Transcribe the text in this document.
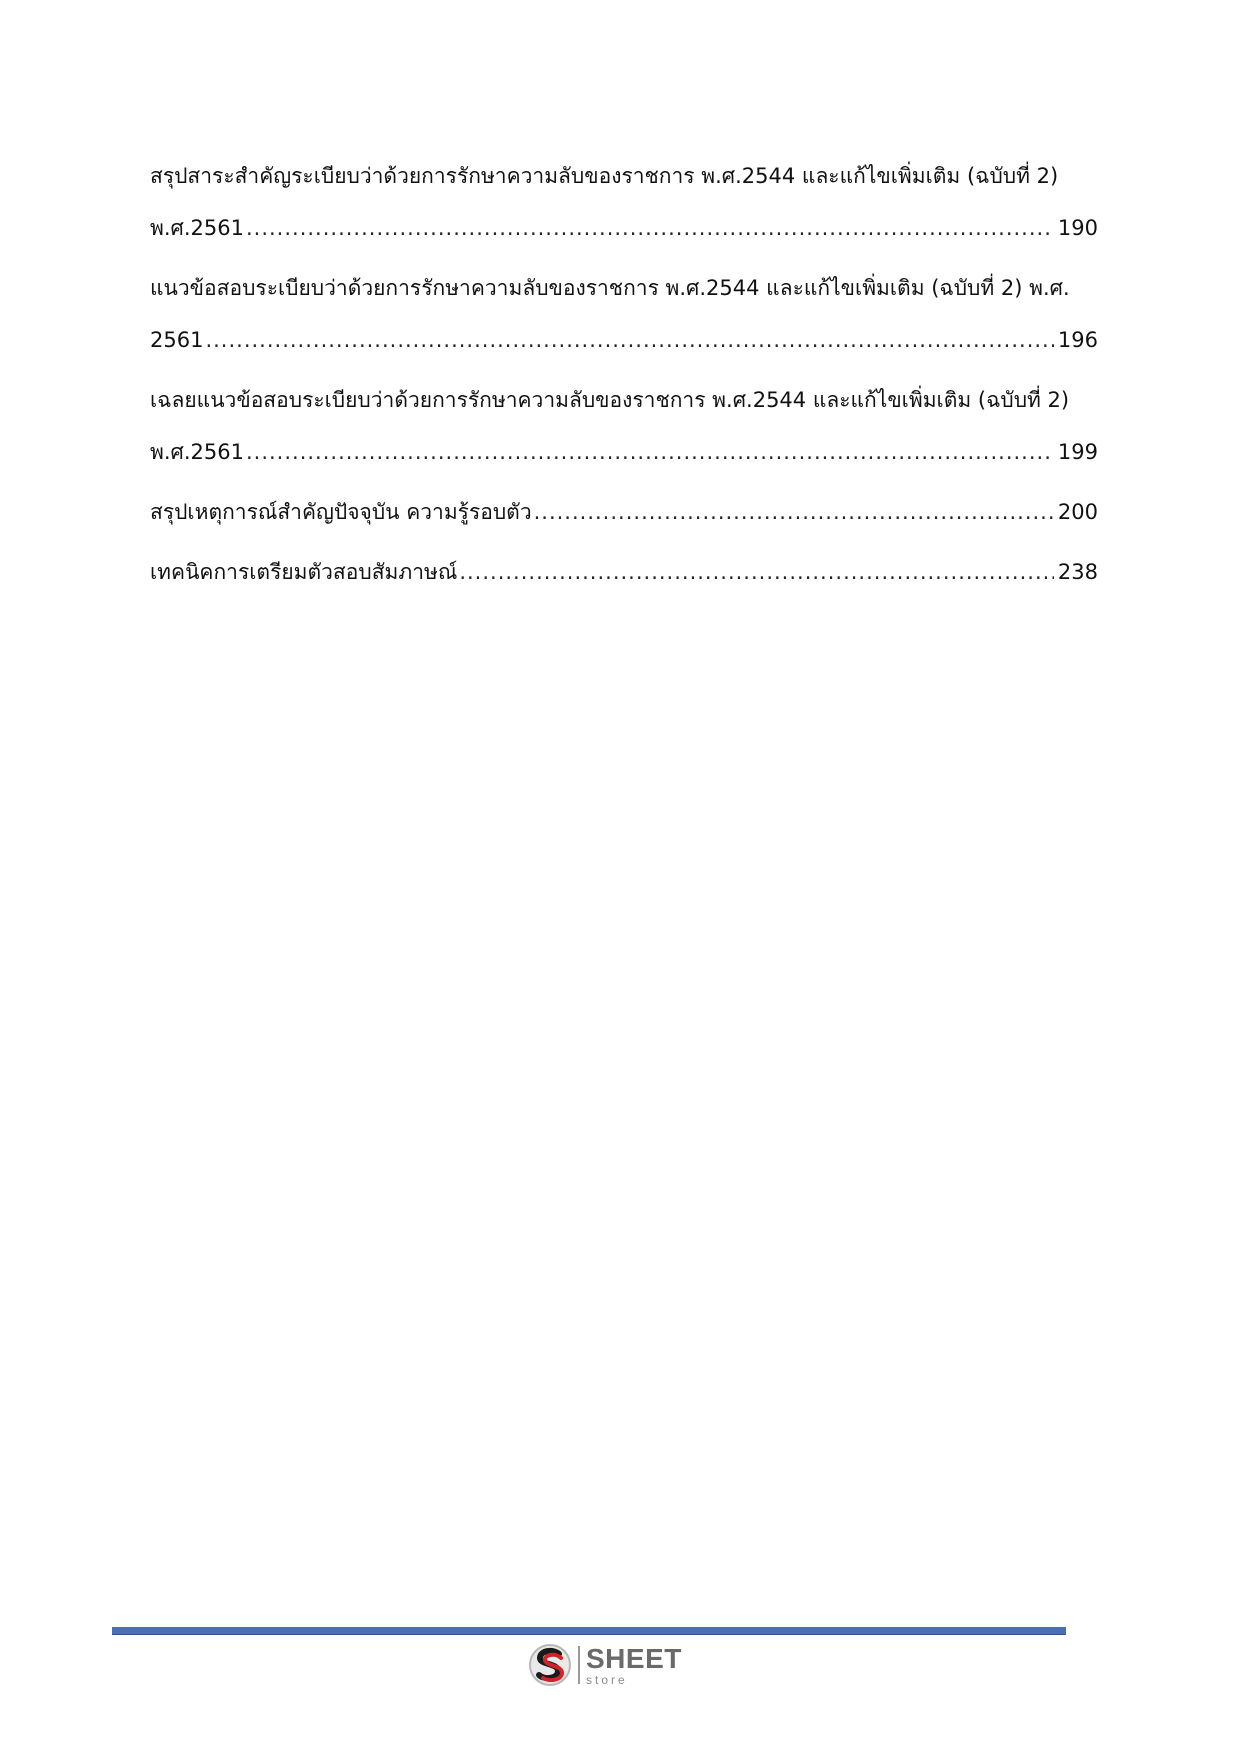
สรุปสาระสำคัญระเบียบว่าด้วยการรักษาความลับของราชการ พ.ศ.2544 และแก้ไขเพิ่มเติม (ฉบับที่ 2)
พ.ศ.2561 .....	190
แนวข้อสอบระเบียบว่าด้วยการรักษาความลับของราชการ พ.ศ.2544 และแก้ไขเพิ่มเติม (ฉบับที่ 2) พ.ศ.
2561 .....	196
เฉลยแนวข้อสอบระเบียบว่าด้วยการรักษาความลับของราชการ พ.ศ.2544 และแก้ไขเพิ่มเติม (ฉบับที่ 2)
พ.ศ.2561 .....	199
สรุปเหตุการณ์สำคัญปัจจุบัน ความรู้รอบตัว .....	200
เทคนิคการเตรียมตัวสอบสัมภาษณ์ .....	238
SHEET
store
